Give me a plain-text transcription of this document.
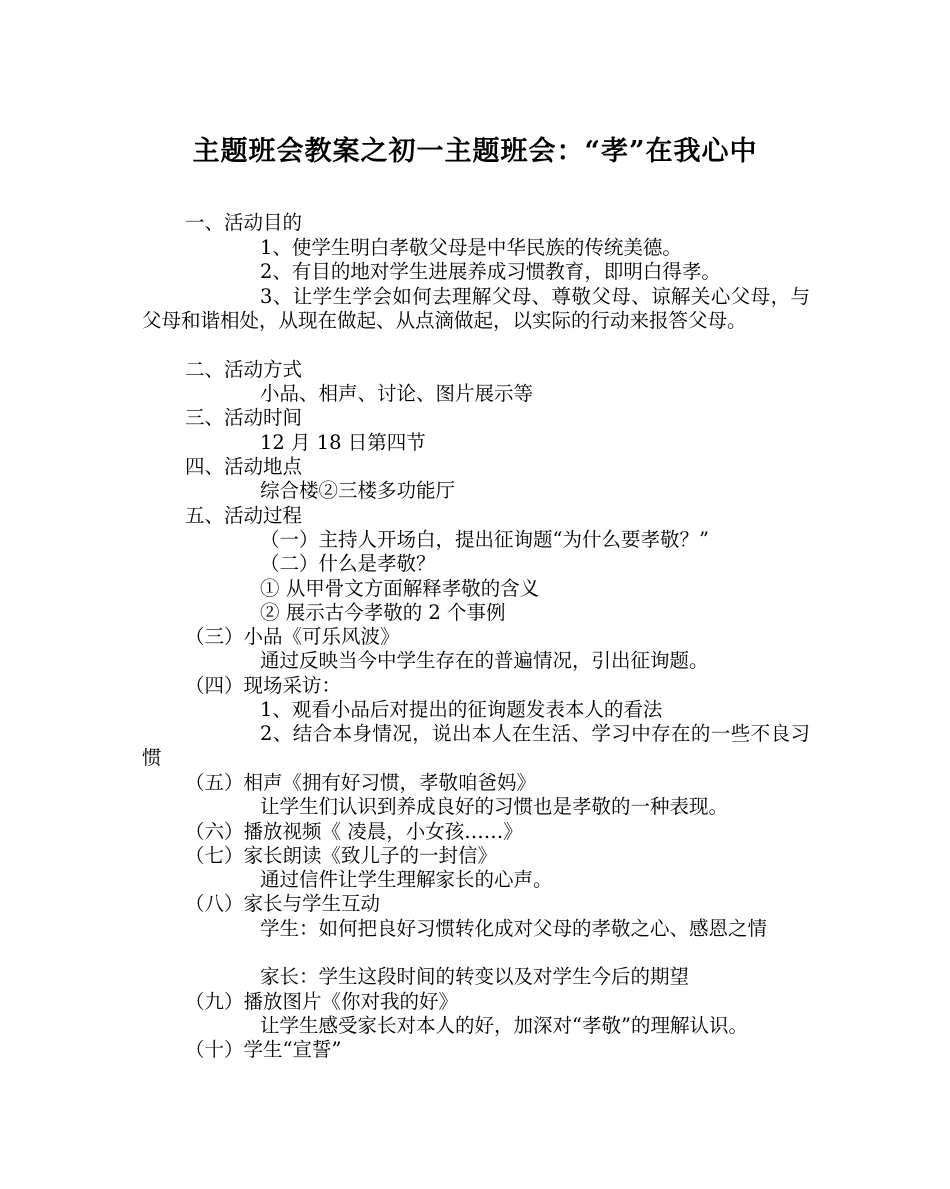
主题班会教案之初一主题班会：“孝”在我心中
一、活动目的
1、使学生明白孝敬父母是中华民族的传统美德。
2、有目的地对学生进展养成习惯教育，即明白得孝。
3、让学生学会如何去理解父母、尊敬父母、谅解关心父母，与父母和谐相处，从现在做起、从点滴做起，以实际的行动来报答父母。
二、活动方式
小品、相声、讨论、图片展示等
三、活动时间
12 月 18 日第四节
四、活动地点
综合楼②三楼多功能厅
五、活动过程
（一）主持人开场白，提出征询题“为什么要孝敬？”
（二）什么是孝敬？
① 从甲骨文方面解释孝敬的含义
② 展示古今孝敬的 2 个事例
（三）小品《可乐风波》
通过反映当今中学生存在的普遍情况，引出征询题。
（四）现场采访：
1、观看小品后对提出的征询题发表本人的看法
2、结合本身情况，说出本人在生活、学习中存在的一些不良习惯
（五）相声《拥有好习惯，孝敬咱爸妈》
让学生们认识到养成良好的习惯也是孝敬的一种表现。
（六）播放视频《 凌晨，小女孩……》
（七）家长朗读《致儿子的一封信》
通过信件让学生理解家长的心声。
（八）家长与学生互动
学生：如何把良好习惯转化成对父母的孝敬之心、感恩之情
家长：学生这段时间的转变以及对学生今后的期望
（九）播放图片《你对我的好》
让学生感受家长对本人的好，加深对“孝敬”的理解认识。
（十）学生“宣誓”
